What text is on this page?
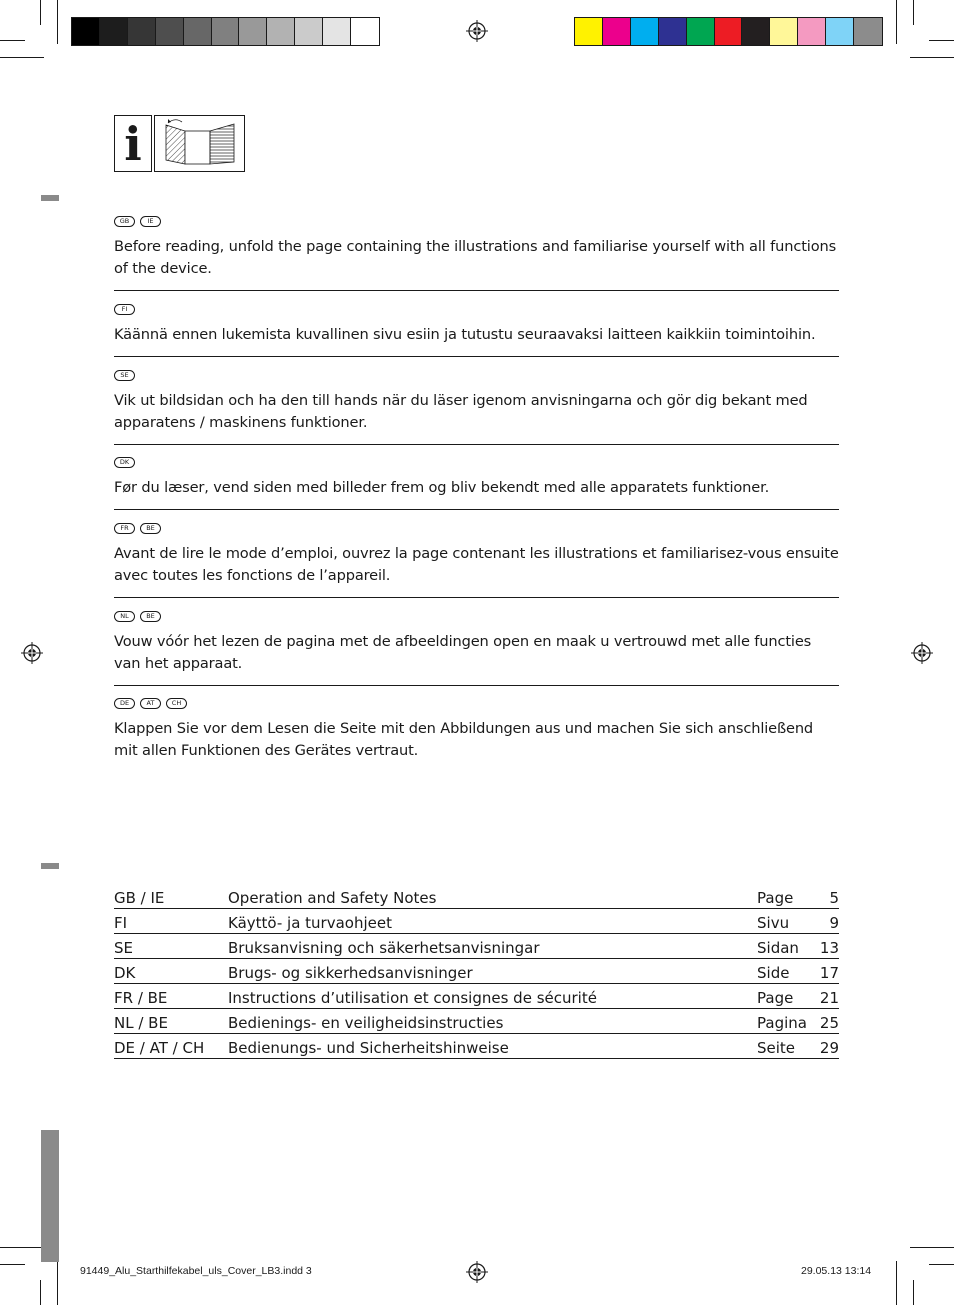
i
GB	IE

Before reading, unfold the page containing the illustrations and familiarise yourself with all functions of the device.

FI

Käännä ennen lukemista kuvallinen sivu esiin ja tutustu seuraavaksi laitteen kaikkiin toimintoihin.

SE

Vik ut bildsidan och ha den till hands när du läser igenom anvisningarna och gör dig bekant med apparatens / maskinens funktioner.

DK

Før du læser, vend siden med billeder frem og bliv bekendt med alle apparatets funktioner.

FR	BE

Avant de lire le mode d’emploi, ouvrez la page contenant les illustrations et familiarisez-vous ensuite avec toutes les fonctions de l’appareil.

NL	BE

Vouw vóór het lezen de pagina met de afbeeldingen open en maak u vertrouwd met alle functies van het apparaat.

DE	AT	CH

Klappen Sie vor dem Lesen die Seite mit den Abbildungen aus und machen Sie sich anschließend mit allen Funktionen des Gerätes vertraut.

GB / IE	Operation and Safety Notes	Page	5
FI	Käyttö- ja turvaohjeet	Sivu	9
SE	Bruksanvisning och säkerhetsanvisningar	Sidan	13
DK	Brugs- og sikkerhedsanvisninger	Side	17
FR / BE	Instructions d’utilisation et consignes de sécurité	Page	21
NL / BE	Bedienings- en veiligheidsinstructies	Pagina	25
DE / AT / CH	Bedienungs- und Sicherheitshinweise	Seite	29
91449_Alu_Starthilfekabel_uls_Cover_LB3.indd 3	29.05.13 13:14
